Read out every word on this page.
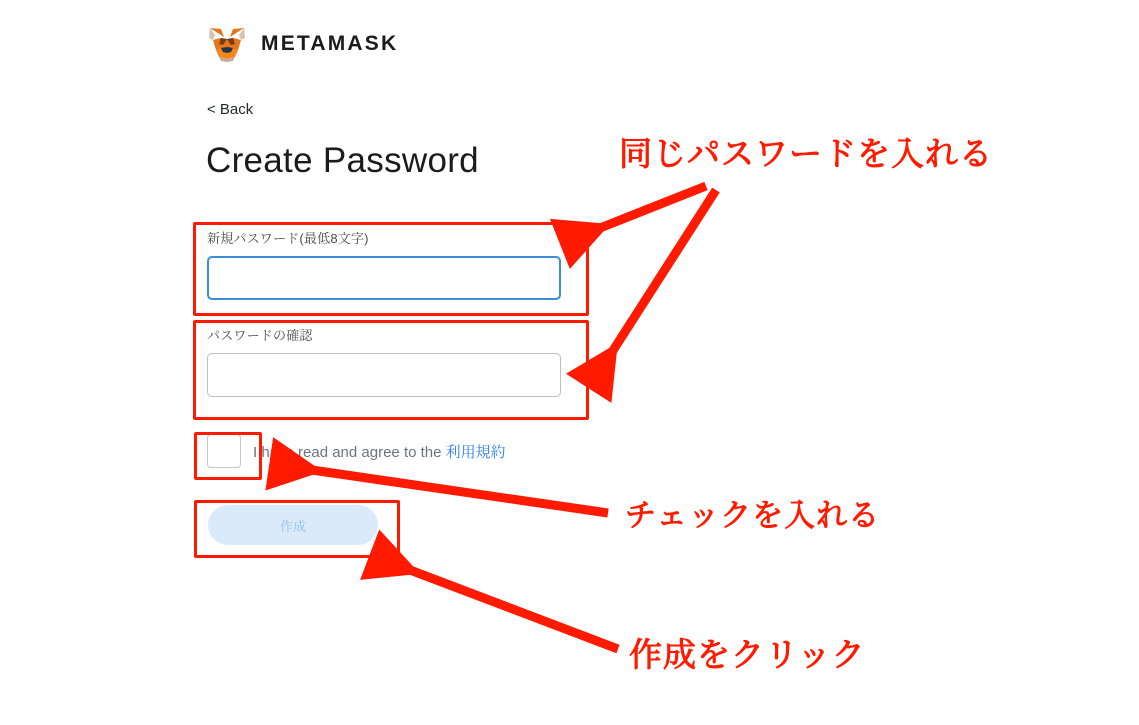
METAMASK
< Back
Create Password
新規パスワード(最低8文字)
パスワードの確認
I have read and agree to the 利用規約
作成
同じパスワードを入れる
チェックを入れる
作成をクリック
